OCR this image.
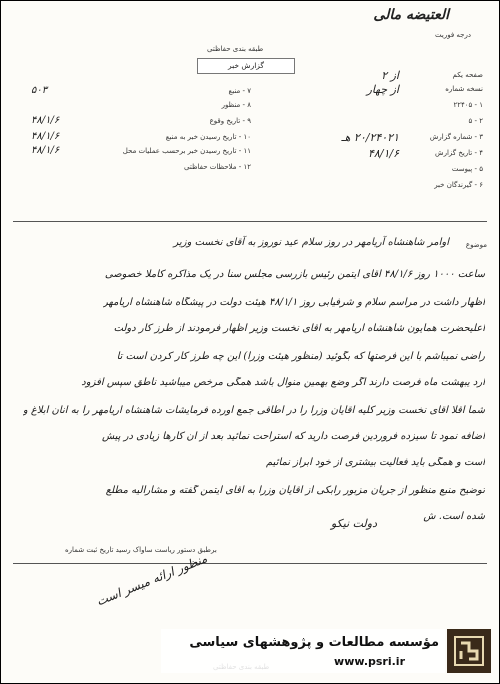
العتیضه مالی
درجه فوریت
طبقه بندی حفاظتی
گزارش خبر
صفحه یکم
از ۲
نسخه شماره
از چهار
۱ - ۲۲۴۰۵
۲ - ۵
۳ - شماره گزارش
۲۰/۲۴۰۲۱ هـ
۴ - تاریخ گزارش
۴۸/۱/۶
۵ - پیوست
۶ - گیرندگان خبر
۷ - منبع
۵۰۳
۸ - منظور
۹ - تاریخ وقوع
۴۸/۱/۶
۱۰ - تاریخ رسیدن خبر به منبع
۴۸/۱/۶
۱۱ - تاریخ رسیدن خبر برحسب عملیات محل
۴۸/۱/۶
۱۲ - ملاحظات حفاظتی
موضوع
اوامر شاهنشاه آریامهر در روز سلام عید نوروز به آقای نخست وزیر
ساعت ۱۰۰۰ روز ۴۸/۱/۶ آقای آیتمن رئیس بازرسی مجلس سنا در یک مذاکره کاملا خصوصی
اظهار داشت در مراسم سلام و شرفیابی روز ۴۸/۱/۱ هیئت دولت در پیشگاه شاهنشاه آریامهر
اعلیحضرت همایون شاهنشاه آریامهر به آقای نخست وزیر اظهار فرمودند از طرز کار دولت
راضی نمیباشم با این فرصتها که بگوئید (منظور هیئت وزرا) این چه طرز کار کردن است تا
ارد یبهشت ماه فرصت دارند اگر وضع بهمین منوال باشد همگی مرخص میباشید ناطق سپس افزود
شما اقلا آقای نخست وزیر کلیه آقایان وزرا را در اطاقی جمع آورده فرمایشات شاهنشاه آریامهر را به آنان ابلاغ و
اضافه نمود تا سیزده فروردین فرصت دارید که استراحت نمائید بعد از آن کارها زیادی در پیش
است و همگی باید فعالیت بیشتری از خود ابراز نمائیم
توضیح منبع منظور از جریان مزبور رابکی از آقایان وزرا به آقای آیتمن گفته و مشارالیه مطلع
شده است. ش
دولت نیکو
برطبق دستور ریاست ساواک رسید تاریخ ثبت شماره
منظور ارائه میسر است
مؤسسه مطالعات و پژوهشهای سیاسی
www.psri.ir
